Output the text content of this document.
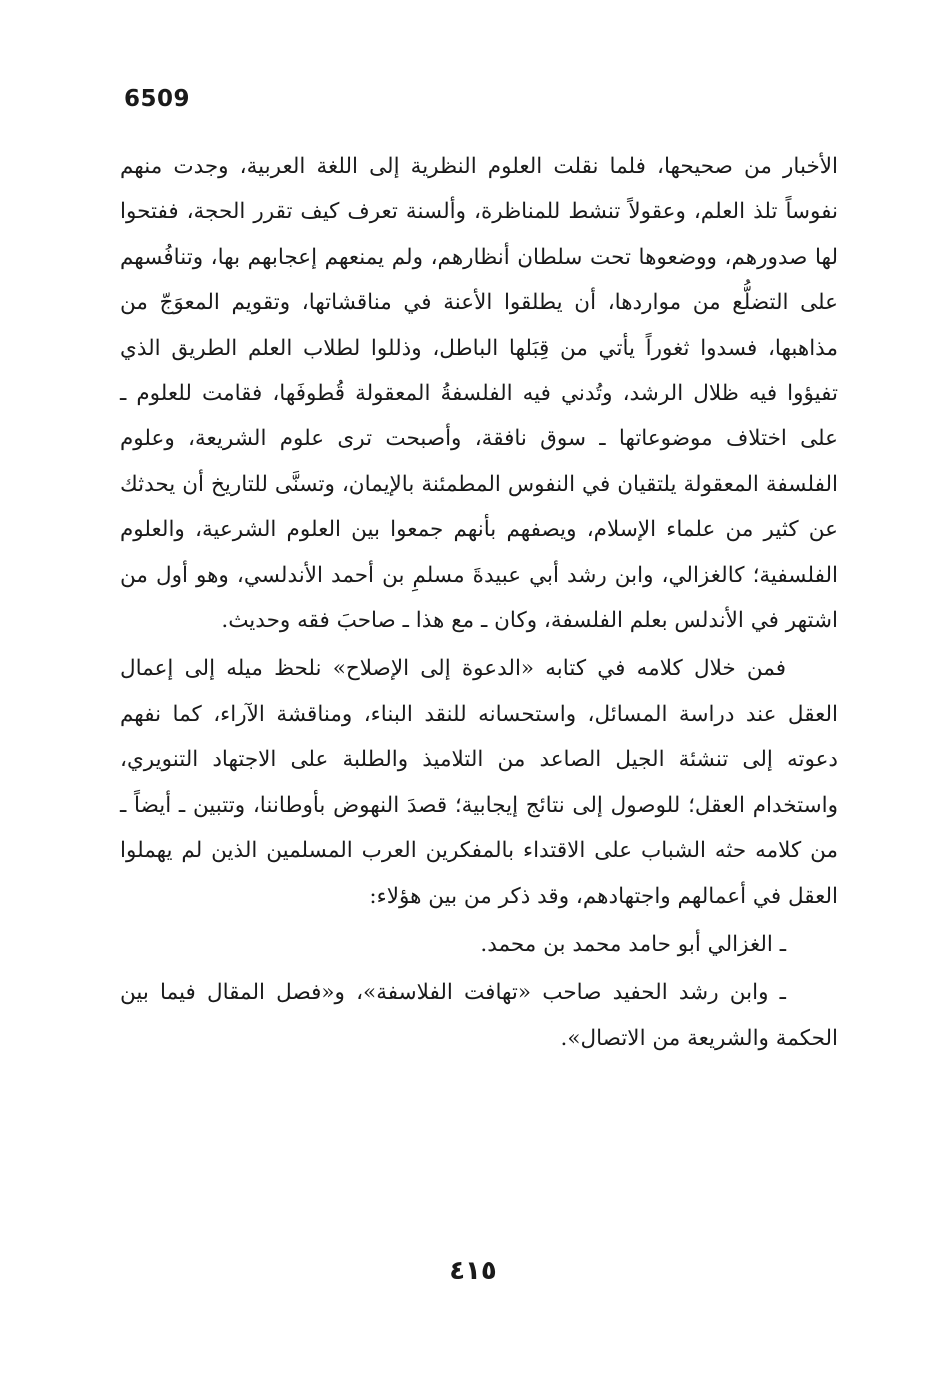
6509

الأخبار من صحيحها، فلما نقلت العلوم النظرية إلى اللغة العربية، وجدت منهم نفوساً تلذ العلم، وعقولاً تنشط للمناظرة، وألسنة تعرف كيف تقرر الحجة، ففتحوا لها صدورهم، ووضعوها تحت سلطان أنظارهم، ولم يمنعهم إعجابهم بها، وتنافُسهم على التضلُّع من مواردها، أن يطلقوا الأعنة في مناقشاتها، وتقويم المعوَجّ من مذاهبها، فسدوا ثغوراً يأتي من قِبَلها الباطل، وذللوا لطلاب العلم الطريق الذي تفيؤوا فيه ظلال الرشد، وتُدني فيه الفلسفةُ المعقولة قُطوفَها، فقامت للعلوم ـ على اختلاف موضوعاتها ـ سوق نافقة، وأصبحت ترى علوم الشريعة، وعلوم الفلسفة المعقولة يلتقيان في النفوس المطمئنة بالإيمان، وتسنَّى للتاريخ أن يحدثك عن كثير من علماء الإسلام، ويصفهم بأنهم جمعوا بين العلوم الشرعية، والعلوم الفلسفية؛ كالغزالي، وابن رشد أبي عبيدةَ مسلمِ بن أحمد الأندلسي، وهو أول من اشتهر في الأندلس بعلم الفلسفة، وكان ـ مع هذا ـ صاحبَ فقه وحديث.

فمن خلال كلامه في كتابه «الدعوة إلى الإصلاح» نلحظ ميله إلى إعمال العقل عند دراسة المسائل، واستحسانه للنقد البناء، ومناقشة الآراء، كما نفهم دعوته إلى تنشئة الجيل الصاعد من التلاميذ والطلبة على الاجتهاد التنويري، واستخدام العقل؛ للوصول إلى نتائج إيجابية؛ قصدَ النهوض بأوطاننا، وتتبين ـ أيضاً ـ من كلامه حثه الشباب على الاقتداء بالمفكرين العرب المسلمين الذين لم يهملوا العقل في أعمالهم واجتهادهم، وقد ذكر من بين هؤلاء:

ـ الغزالي أبو حامد محمد بن محمد.

ـ وابن رشد الحفيد صاحب «تهافت الفلاسفة»، و«فصل المقال فيما بين الحكمة والشريعة من الاتصال».

٤١٥
